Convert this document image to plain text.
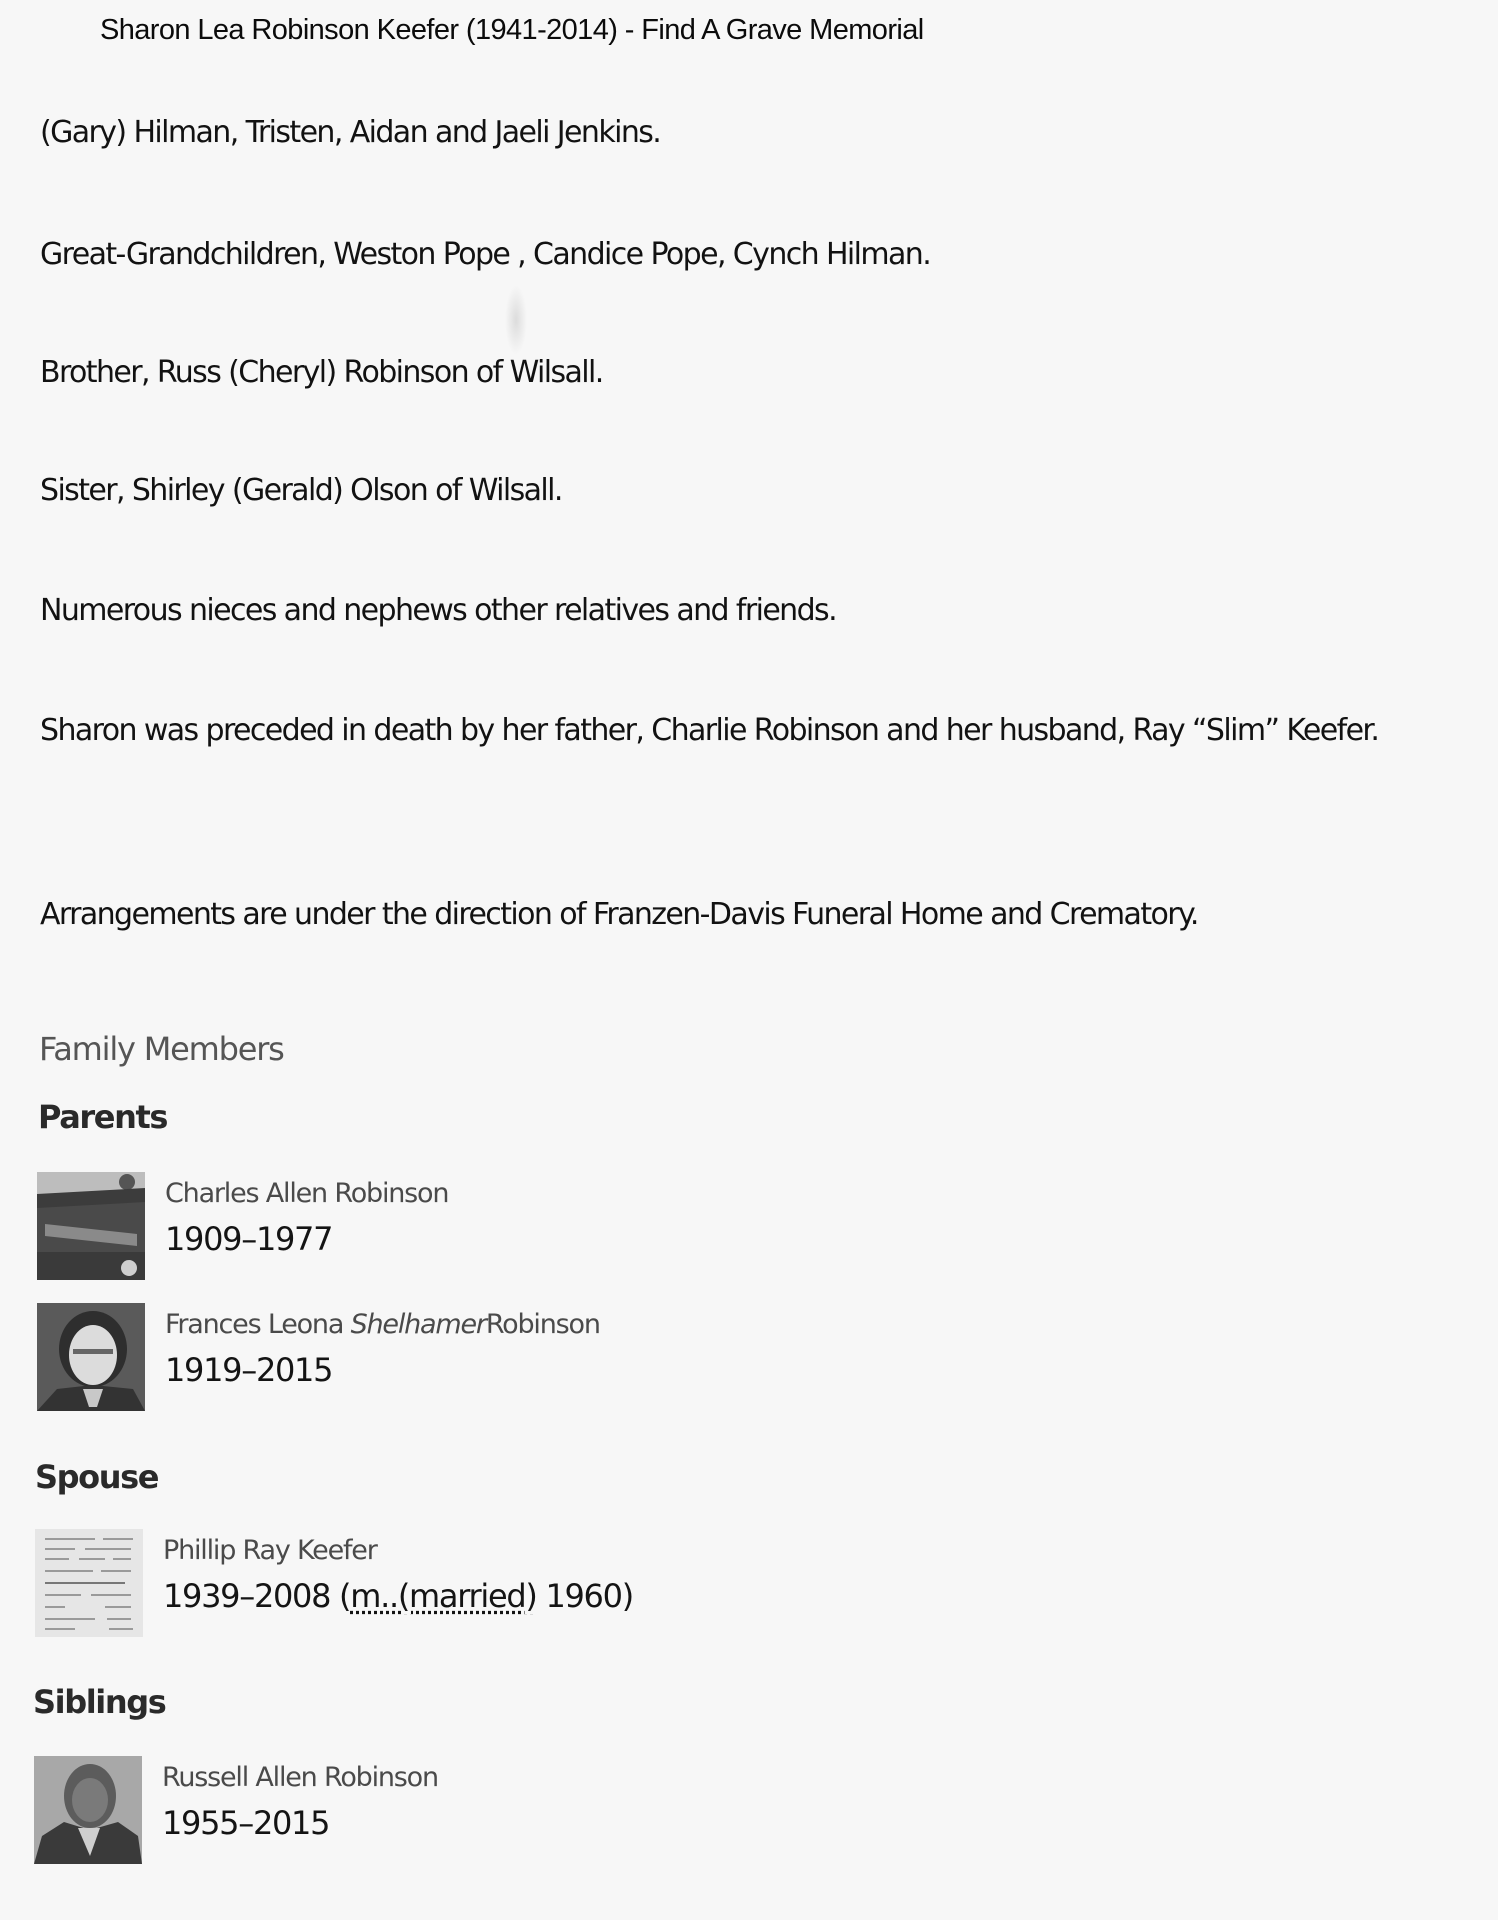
Sharon Lea Robinson Keefer (1941-2014) - Find A Grave Memorial

(Gary) Hilman, Tristen, Aidan and Jaeli Jenkins.

Great-Grandchildren, Weston Pope , Candice Pope, Cynch Hilman.

Brother, Russ (Cheryl) Robinson of Wilsall.

Sister, Shirley (Gerald) Olson of Wilsall.

Numerous nieces and nephews other relatives and friends.

Sharon was preceded in death by her father, Charlie Robinson and her husband, Ray “Slim” Keefer.

Arrangements are under the direction of Franzen-Davis Funeral Home and Crematory.

Family Members
Parents
Charles Allen Robinson
1909–1977
Frances Leona ShelhamerRobinson
1919–2015
Spouse
Phillip Ray Keefer
1939–2008 (m..(married) 1960)
Siblings
Russell Allen Robinson
1955–2015
